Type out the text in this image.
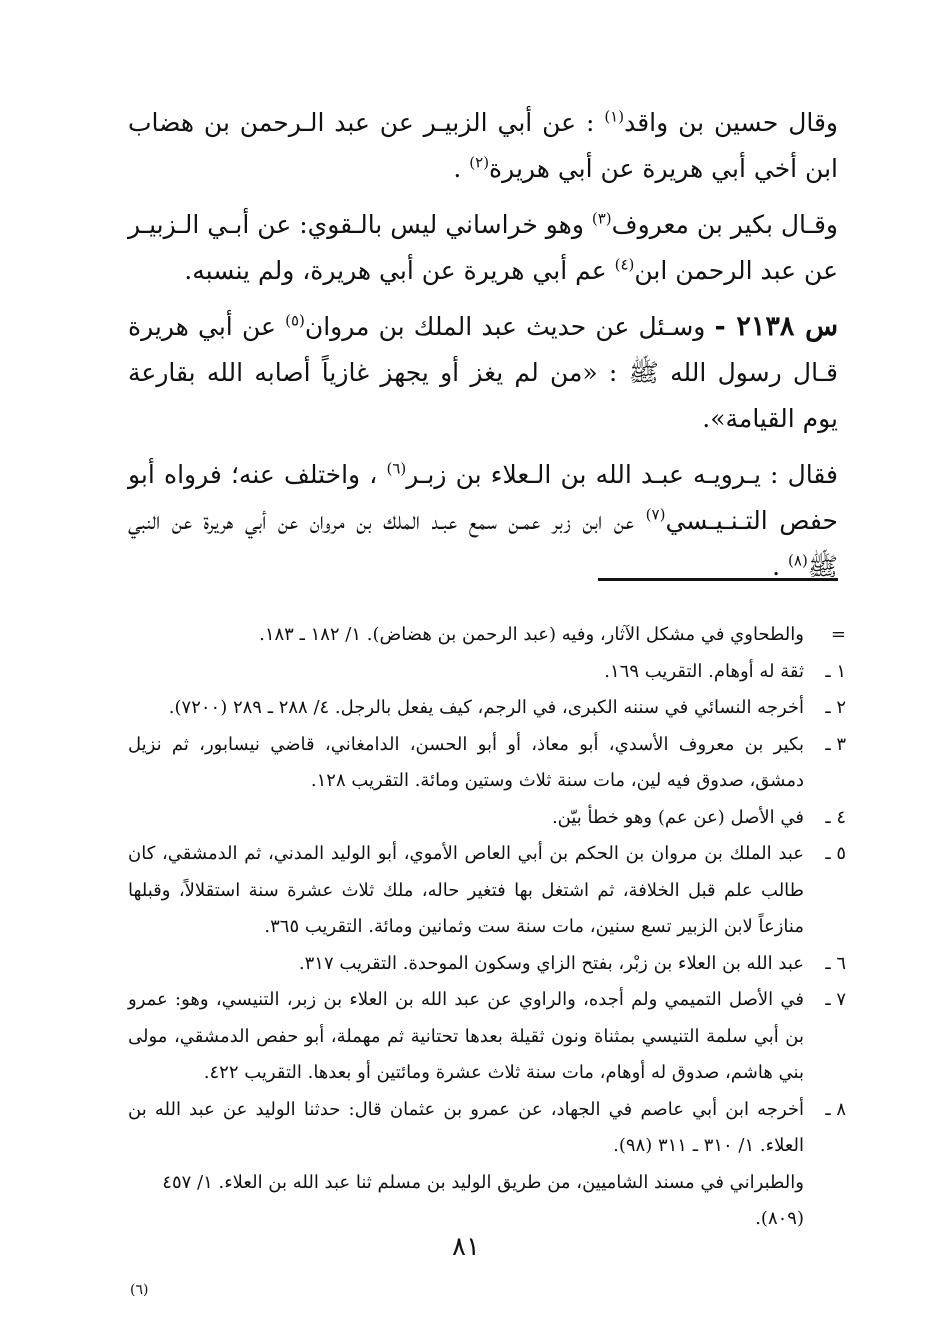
وقال حسين بن واقد$^{(١)}$ : عن أبي الزبيـر عن عبد الـرحمن بن هضاب ابن أخي أبي هريرة عن أبي هريرة$^{(٢)}$ .

وقـال بكير بن معروف$^{(٣)}$ وهو خراساني ليس بالـقوي: عن أبـي الـزبيـر عن عبد الرحمن ابن$^{(٤)}$ عم أبي هريرة عن أبي هريرة، ولم ينسبه.

س ٢١٣٨ - وسـئل عن حديث عبد الملك بن مروان$^{(٥)}$ عن أبي هريرة قـال رسول الله ﷺ : «من لم يغز أو يجهز غازياً أصابه الله بقارعة يوم القيامة».

فقال : يـرويـه عبـد الله بن الـعلاء بن زبـر$^{(٦)}$ ، واختلف عنه؛ فرواه أبو حفص التـنـيـسي$^{(٧)}$ عن ابن زبر عمـن سمع عبـد الملك بن مروان عن أبي هريرة عن النبي ﷺ$^{(٨)}$ .

=
والطحاوي في مشكل الآثار، وفيه (عبد الرحمن بن هضاض). ١/ ١٨٢ ـ ١٨٣.
١ ـ
ثقة له أوهام. التقريب ١٦٩.
٢ ـ
أخرجه النسائي في سننه الكبرى، في الرجم، كيف يفعل بالرجل. ٤/ ٢٨٨ ـ ٢٨٩ (٧٢٠٠).
٣ ـ
بكير بن معروف الأسدي، أبو معاذ، أو أبو الحسن، الدامغاني، قاضي نيسابور، ثم نزيل دمشق، صدوق فيه لين، مات سنة ثلاث وستين ومائة. التقريب ١٢٨.
٤ ـ
في الأصل (عن عم) وهو خطأ بيّن.
٥ ـ
عبد الملك بن مروان بن الحكم بن أبي العاص الأموي، أبو الوليد المدني، ثم الدمشقي، كان طالب علم قبل الخلافة، ثم اشتغل بها فتغير حاله، ملك ثلاث عشرة سنة استقلالاً، وقبلها منازعاً لابن الزبير تسع سنين، مات سنة ست وثمانين ومائة. التقريب ٣٦٥.
٦ ـ
عبد الله بن العلاء بن زبْر، بفتح الزاي وسكون الموحدة. التقريب ٣١٧.
٧ ـ
في الأصل التميمي ولم أجده، والراوي عن عبد الله بن العلاء بن زبر، التنيسي، وهو: عمرو بن أبي سلمة التنيسي بمثناة ونون ثقيلة بعدها تحتانية ثم مهملة، أبو حفص الدمشقي، مولى بني هاشم، صدوق له أوهام، مات سنة ثلاث عشرة ومائتين أو بعدها. التقريب ٤٢٢.
٨ ـ
أخرجه ابن أبي عاصم في الجهاد، عن عمرو بن عثمان قال: حدثنا الوليد عن عبد الله بن العلاء. ١/ ٣١٠ ـ ٣١١ (٩٨).
والطبراني في مسند الشاميين، من طريق الوليد بن مسلم ثنا عبد الله بن العلاء. ١/ ٤٥٧ (٨٠٩).
٨١
(٦)
